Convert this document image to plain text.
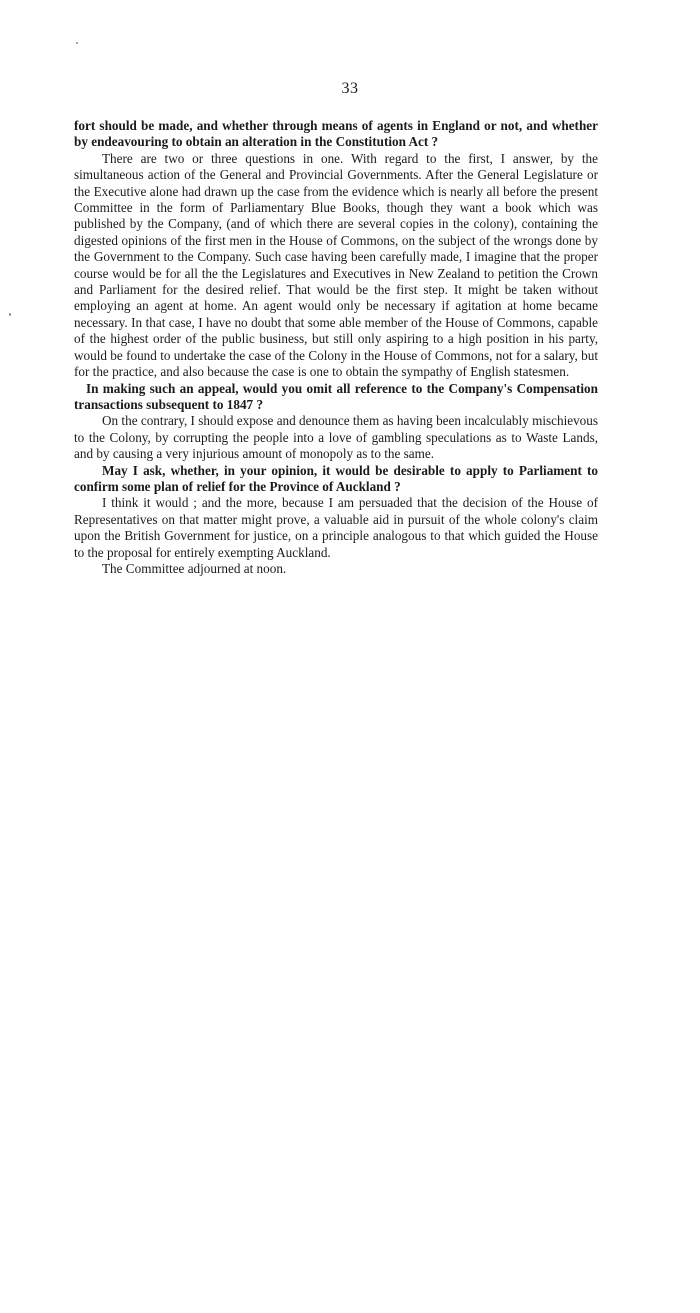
33

fort should be made, and whether through means of agents in England or not, and whether by endeavouring to obtain an alteration in the Constitution Act ?

There are two or three questions in one. With regard to the first, I answer, by the simultaneous action of the General and Provincial Governments. After the General Legislature or the Executive alone had drawn up the case from the evidence which is nearly all before the present Committee in the form of Parliamentary Blue Books, though they want a book which was published by the Company, (and of which there are several copies in the colony), containing the digested opinions of the first men in the House of Commons, on the subject of the wrongs done by the Government to the Company. Such case having been carefully made, I imagine that the proper course would be for all the the Legislatures and Executives in New Zealand to petition the Crown and Parliament for the desired relief. That would be the first step. It might be taken without employing an agent at home. An agent would only be necessary if agitation at home became necessary. In that case, I have no doubt that some able member of the House of Commons, capable of the highest order of the public business, but still only aspiring to a high position in his party, would be found to undertake the case of the Colony in the House of Commons, not for a salary, but for the practice, and also because the case is one to obtain the sympathy of English statesmen.

In making such an appeal, would you omit all reference to the Company's Compensation transactions subsequent to 1847 ?

On the contrary, I should expose and denounce them as having been incalculably mischievous to the Colony, by corrupting the people into a love of gambling speculations as to Waste Lands, and by causing a very injurious amount of monopoly as to the same.

May I ask, whether, in your opinion, it would be desirable to apply to Parliament to confirm some plan of relief for the Province of Auckland ?

I think it would ; and the more, because I am persuaded that the decision of the House of Representatives on that matter might prove, a valuable aid in pursuit of the whole colony's claim upon the British Government for justice, on a principle analogous to that which guided the House to the proposal for entirely exempting Auckland.

The Committee adjourned at noon.
